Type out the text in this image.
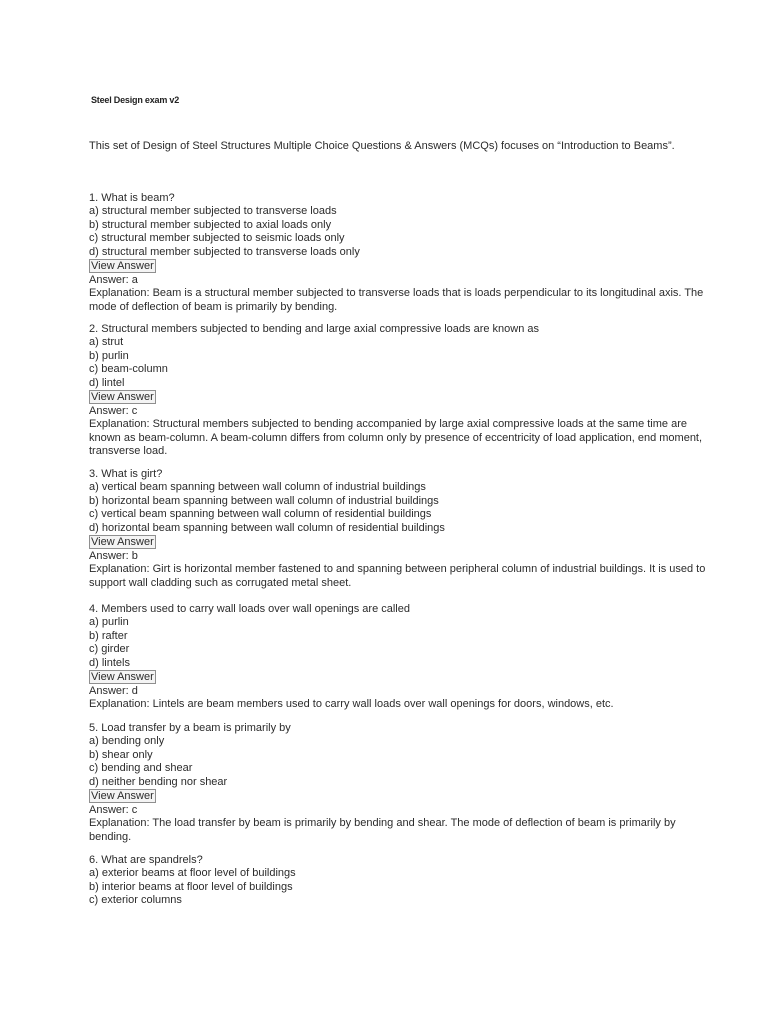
Steel Design exam v2
This set of Design of Steel Structures Multiple Choice Questions & Answers (MCQs) focuses on “Introduction to Beams”.
1. What is beam?
a) structural member subjected to transverse loads
b) structural member subjected to axial loads only
c) structural member subjected to seismic loads only
d) structural member subjected to transverse loads only
View Answer
Answer: a
Explanation: Beam is a structural member subjected to transverse loads that is loads perpendicular to its longitudinal axis. The mode of deflection of beam is primarily by bending.
2. Structural members subjected to bending and large axial compressive loads are known as
a) strut
b) purlin
c) beam-column
d) lintel
View Answer
Answer: c
Explanation: Structural members subjected to bending accompanied by large axial compressive loads at the same time are known as beam-column. A beam-column differs from column only by presence of eccentricity of load application, end moment, transverse load.
3. What is girt?
a) vertical beam spanning between wall column of industrial buildings
b) horizontal beam spanning between wall column of industrial buildings
c) vertical beam spanning between wall column of residential buildings
d) horizontal beam spanning between wall column of residential buildings
View Answer
Answer: b
Explanation: Girt is horizontal member fastened to and spanning between peripheral column of industrial buildings. It is used to support wall cladding such as corrugated metal sheet.
4. Members used to carry wall loads over wall openings are called
a) purlin
b) rafter
c) girder
d) lintels
View Answer
Answer: d
Explanation: Lintels are beam members used to carry wall loads over wall openings for doors, windows, etc.
5. Load transfer by a beam is primarily by
a) bending only
b) shear only
c) bending and shear
d) neither bending nor shear
View Answer
Answer: c
Explanation: The load transfer by beam is primarily by bending and shear. The mode of deflection of beam is primarily by bending.
6. What are spandrels?
a) exterior beams at floor level of buildings
b) interior beams at floor level of buildings
c) exterior columns
